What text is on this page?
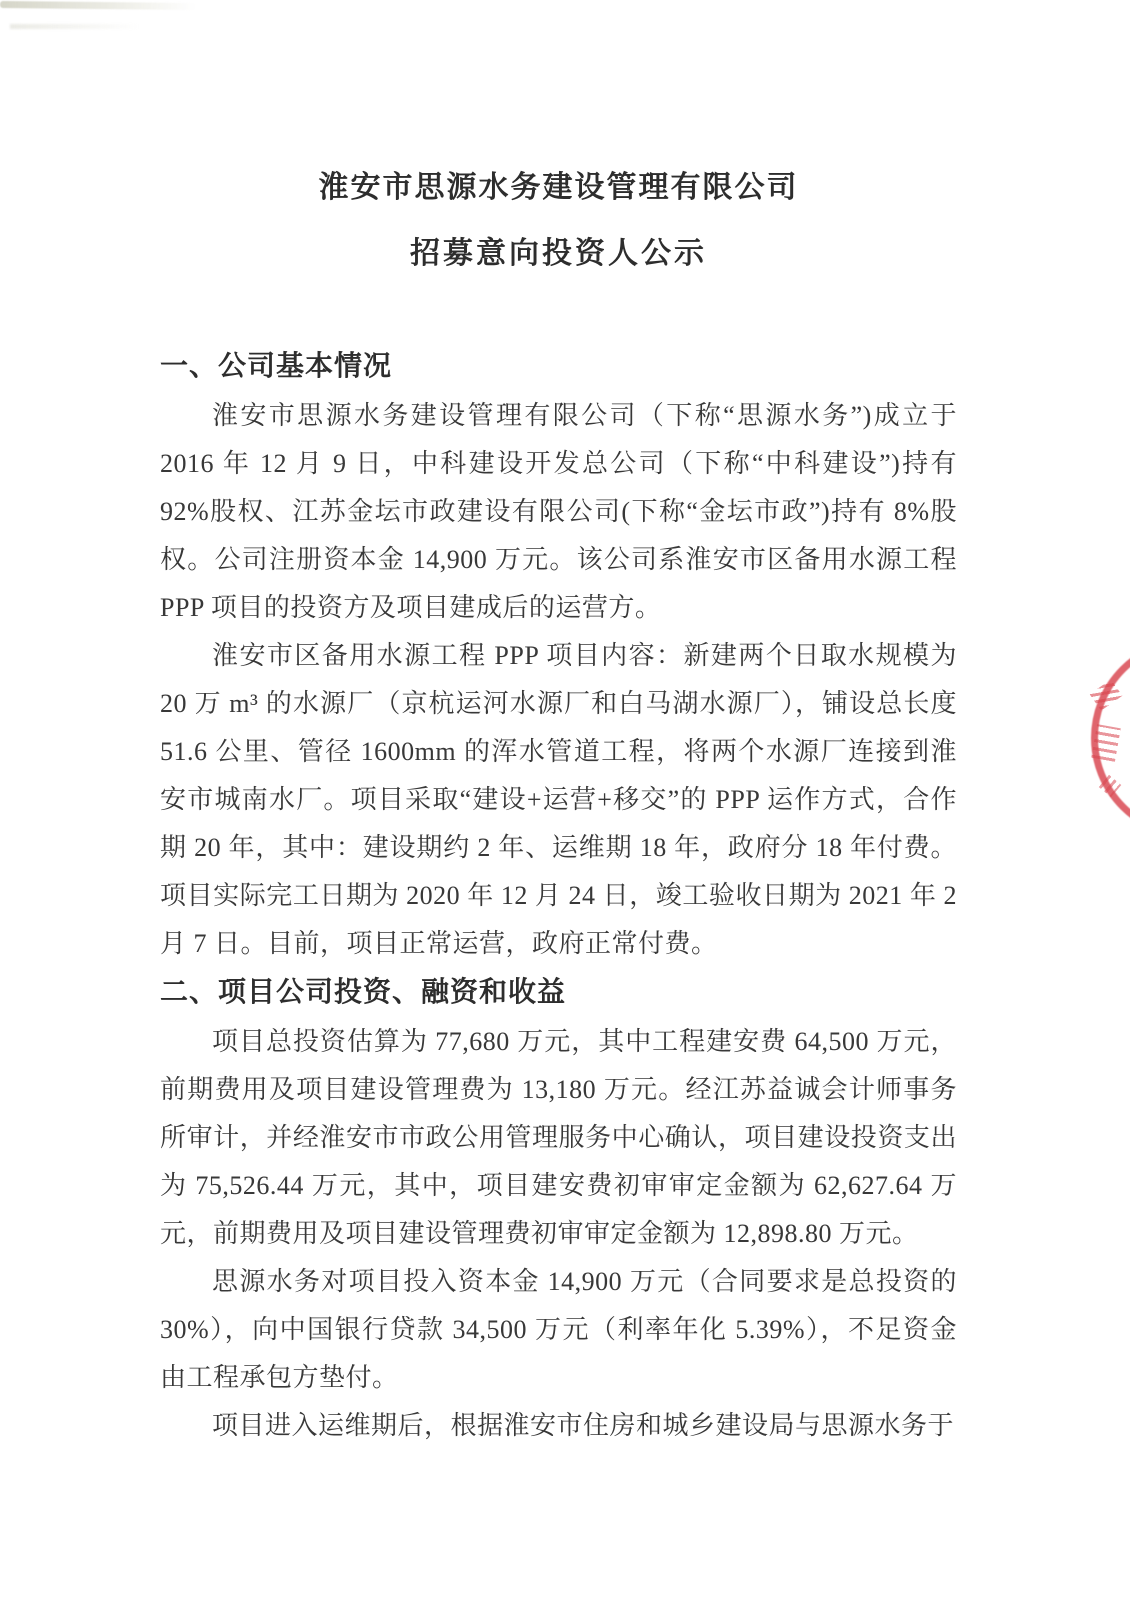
淮安市思源水务建设管理有限公司
招募意向投资人公示
一、公司基本情况

淮安市思源水务建设管理有限公司（下称“思源水务”)成立于 2016 年 12 月 9 日，中科建设开发总公司（下称“中科建设”)持有 92%股权、江苏金坛市政建设有限公司(下称“金坛市政”)持有 8%股权。公司注册资本金 14,900 万元。该公司系淮安市区备用水源工程 PPP 项目的投资方及项目建成后的运营方。

淮安市区备用水源工程 PPP 项目内容：新建两个日取水规模为 20 万 m³ 的水源厂（京杭运河水源厂和白马湖水源厂），铺设总长度 51.6 公里、管径 1600mm 的浑水管道工程，将两个水源厂连接到淮安市城南水厂。项目采取“建设+运营+移交”的 PPP 运作方式，合作期 20 年，其中：建设期约 2 年、运维期 18 年，政府分 18 年付费。项目实际完工日期为 2020 年 12 月 24 日，竣工验收日期为 2021 年 2 月 7 日。目前，项目正常运营，政府正常付费。

二、项目公司投资、融资和收益

项目总投资估算为 77,680 万元，其中工程建安费 64,500 万元，前期费用及项目建设管理费为 13,180 万元。经江苏益诚会计师事务所审计，并经淮安市市政公用管理服务中心确认，项目建设投资支出为 75,526.44 万元，其中，项目建安费初审审定金额为 62,627.64 万元，前期费用及项目建设管理费初审审定金额为 12,898.80 万元。

思源水务对项目投入资本金 14,900 万元（合同要求是总投资的 30%），向中国银行贷款 34,500 万元（利率年化 5.39%），不足资金由工程承包方垫付。

项目进入运维期后，根据淮安市住房和城乡建设局与思源水务于
